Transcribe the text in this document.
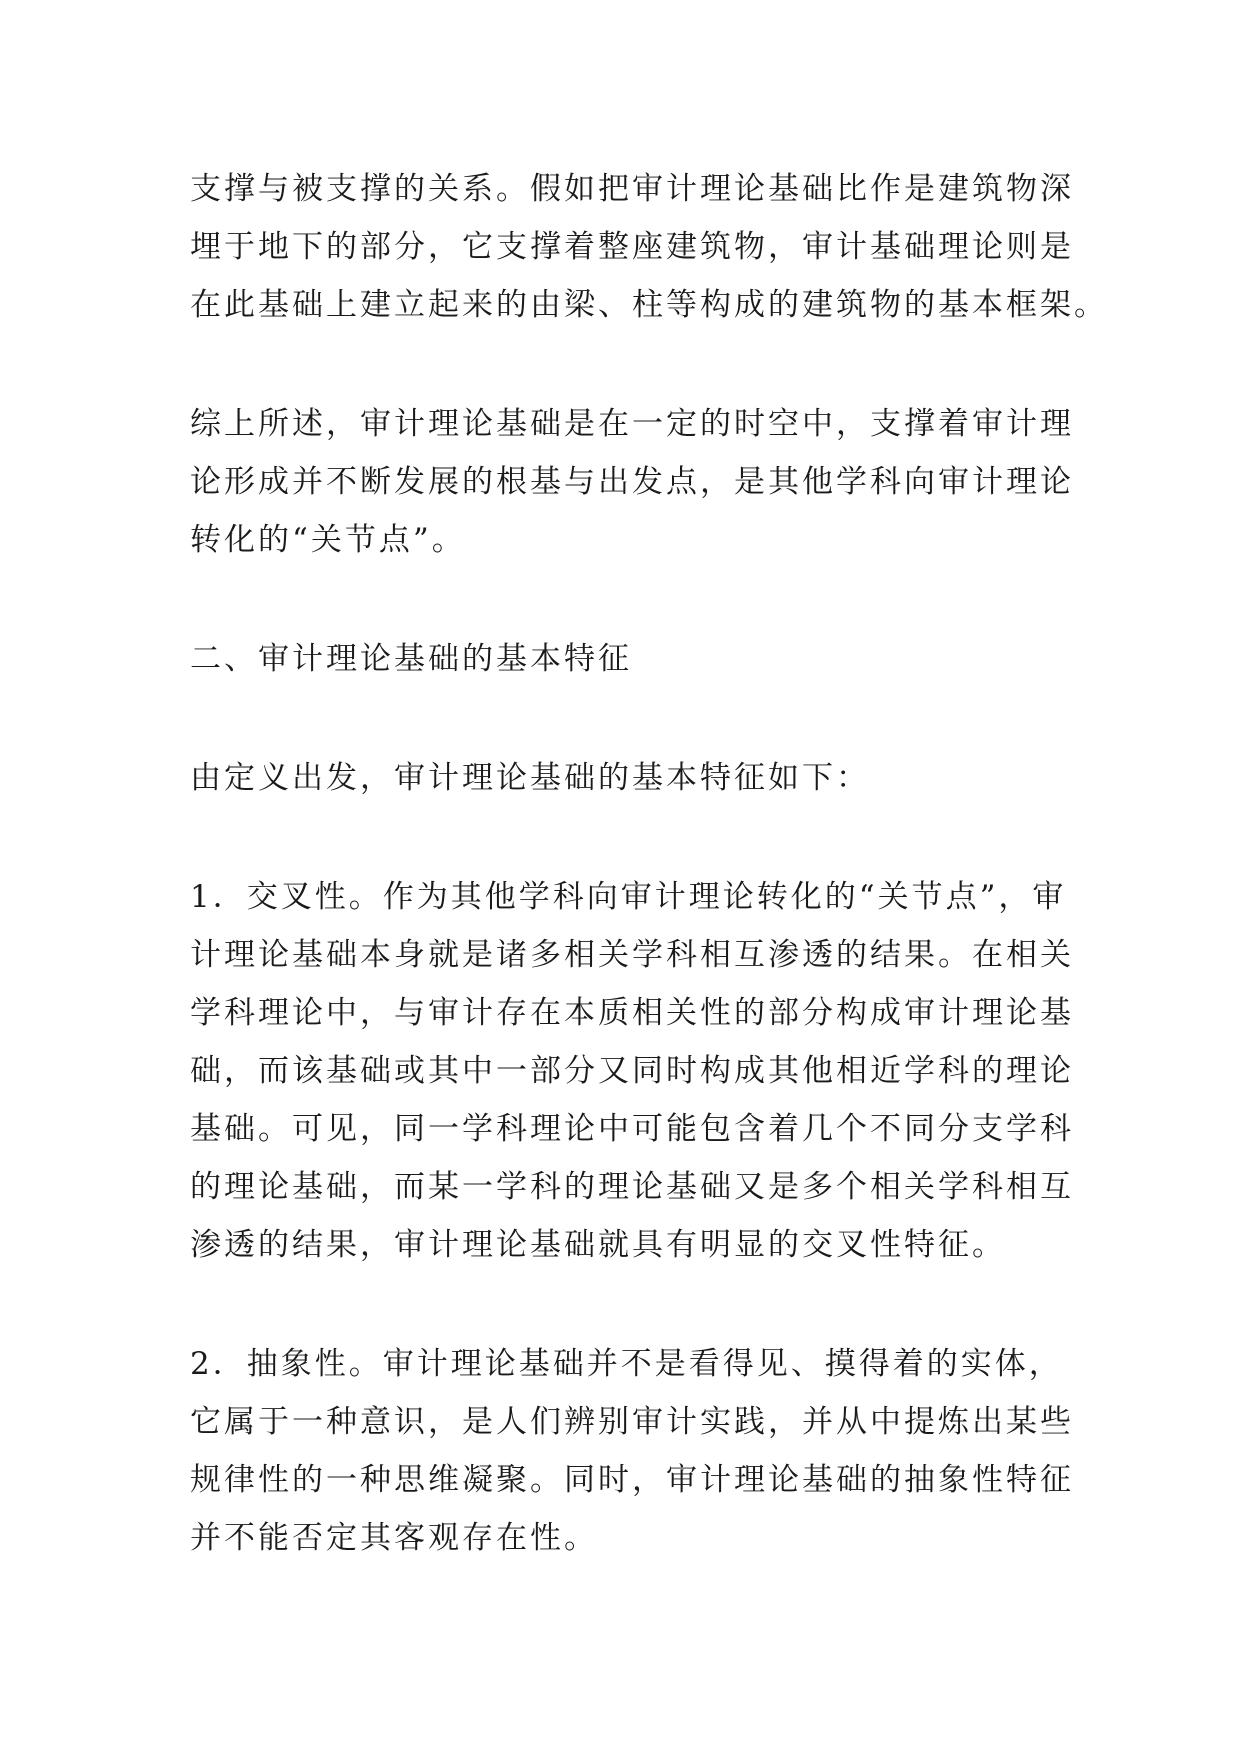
支撑与被支撑的关系。假如把审计理论基础比作是建筑物深
埋于地下的部分，它支撑着整座建筑物，审计基础理论则是
在此基础上建立起来的由梁、柱等构成的建筑物的基本框架。
综上所述，审计理论基础是在一定的时空中，支撑着审计理
论形成并不断发展的根基与出发点，是其他学科向审计理论
转化的“关节点”。
二、审计理论基础的基本特征
由定义出发，审计理论基础的基本特征如下：
1．交叉性。作为其他学科向审计理论转化的“关节点”，审
计理论基础本身就是诸多相关学科相互渗透的结果。在相关
学科理论中，与审计存在本质相关性的部分构成审计理论基
础，而该基础或其中一部分又同时构成其他相近学科的理论
基础。可见，同一学科理论中可能包含着几个不同分支学科
的理论基础，而某一学科的理论基础又是多个相关学科相互
渗透的结果，审计理论基础就具有明显的交叉性特征。
2．抽象性。审计理论基础并不是看得见、摸得着的实体，
它属于一种意识，是人们辨别审计实践，并从中提炼出某些
规律性的一种思维凝聚。同时，审计理论基础的抽象性特征
并不能否定其客观存在性。
